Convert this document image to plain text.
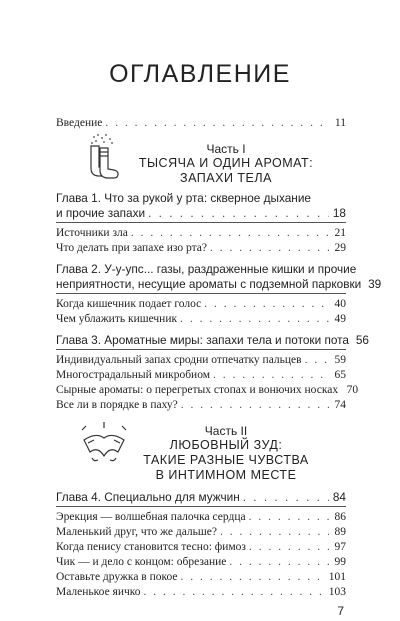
ОГЛАВЛЕНИЕ
Введение . . .	11
Часть I
ТЫСЯЧА И ОДИН АРОМАТ:
ЗАПАХИ ТЕЛА
Глава 1. Что за рукой у рта: скверное дыхание
и прочие запахи . . .	18
Источники зла . . .	21
Что делать при запахе изо рта? . . .	29
Глава 2. У-у-упс... газы, раздраженные кишки и прочие
неприятности, несущие ароматы с подземной парковки 39
Когда кишечник подает голос . . .	40
Чем ублажить кишечник . . .	49
Глава 3. Ароматные миры: запахи тела и потоки пота 56
Индивидуальный запах сродни отпечатку пальцев . . .	59
Многострадальный микробиом . . .	65
Сырные ароматы: о перегретых стопах и вонючих носках 70
Все ли в порядке в паху? . . .	74
Часть II
ЛЮБОВНЫЙ ЗУД:
ТАКИЕ РАЗНЫЕ ЧУВСТВА
В ИНТИМНОМ МЕСТЕ
Глава 4. Специально для мужчин . . .	84
Эрекция — волшебная палочка сердца . . .	86
Маленький друг, что же дальше? . . .	89
Когда пенису становится тесно: фимоз . . .	97
Чик — и дело с концом: обрезание . . .	99
Оставьте дружка в покое . . .	101
Маленькое яичко . . .	103
7
